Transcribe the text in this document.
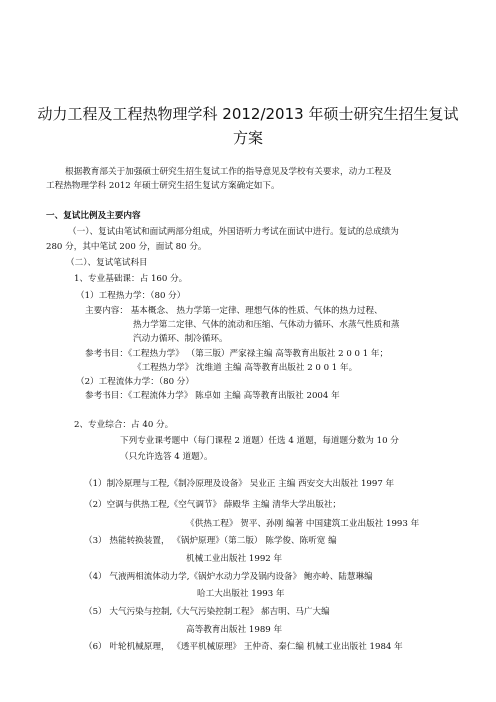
动力工程及工程热物理学科 2012/2013 年硕士研究生招生复试
方案
根据教育部关于加强硕士研究生招生复试工作的指导意见及学校有关要求，动力工程及
工程热物理学科 2012 年硕士研究生招生复试方案确定如下。
一、复试比例及主要内容
（一）、复试由笔试和面试两部分组成，外国语听力考试在面试中进行。复试的总成绩为
280 分，其中笔试 200 分，面试 80 分。
（二）、复试笔试科目
1、专业基础课：占 160 分。
（1）工程热力学：（80 分）
主要内容： 基本概念、 热力学第一定律、理想气体的性质、气体的热力过程、
热力学第二定律、气体的流动和压缩、气体动力循环、水蒸气性质和蒸
汽动力循环、制冷循环。
参考书目：《工程热力学》 （第三版）严家禄主编 高等教育出版社 2 0 0 1 年；
《工程热力学》 沈维道 主编 高等教育出版社 2 0 0 1 年。
（2）工程流体力学：（80 分）
参考书目：《工程流体力学》 陈卓如 主编 高等教育出版社 2004 年
2、专业综合：占 40 分。
下列专业课考题中（每门课程 2 道题）任选 4 道题，每道题分数为 10 分
（只允许选答 4 道题）。
（1）制冷原理与工程,《制冷原理及设备》 吴业正 主编 西安交大出版社 1997 年
（2）空调与供热工程,《空气调节》 薛殿华 主编 清华大学出版社；
《供热工程》 贺平、孙刚 编著 中国建筑工业出版社 1993 年
（3） 热能转换装置， 《锅炉原理》（第二版） 陈学俊、陈听宽 编
机械工业出版社 1992 年
（4） 气液两相流体动力学,《锅炉水动力学及锅内设备》 鲍亦岭、陆慧琳编
哈工大出版社 1993 年
（5） 大气污染与控制,《大气污染控制工程》 郝吉明、马广大编
高等教育出版社 1989 年
（6） 叶轮机械原理， 《透平机械原理》 王仲奇、秦仁编 机械工业出版社 1984 年
